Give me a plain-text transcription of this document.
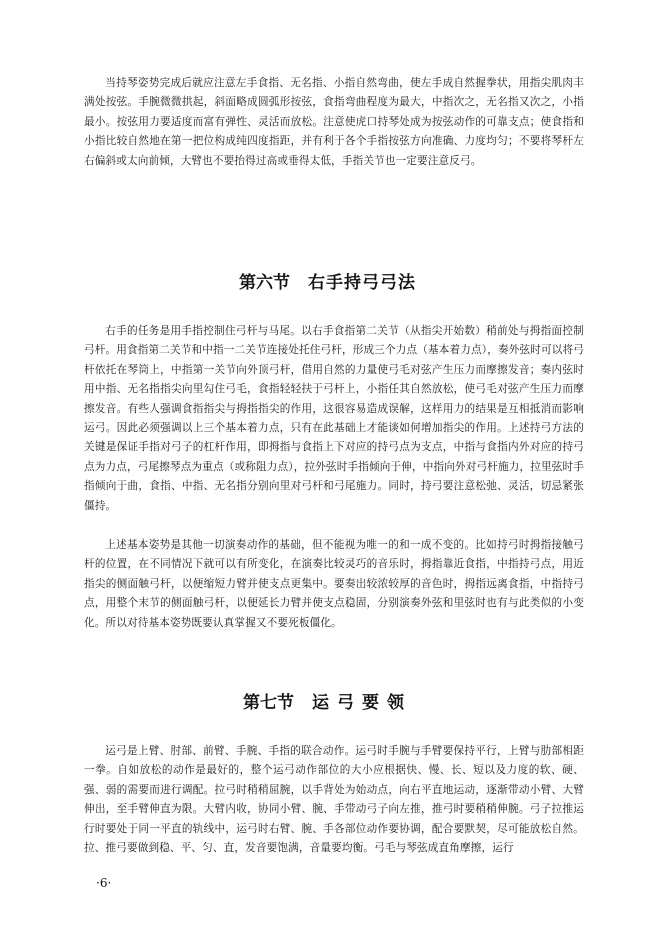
当持琴姿势完成后就应注意左手食指、无名指、小指自然弯曲，使左手成自然握拳状，用指尖肌肉丰满处按弦。手腕微微拱起，斜面略成圆弧形按弦，食指弯曲程度为最大，中指次之，无名指又次之，小指最小。按弦用力要适度而富有弹性、灵活而放松。注意使虎口持琴处成为按弦动作的可靠支点；使食指和小指比较自然地在第一把位构成纯四度指距，并有利于各个手指按弦方向准确、力度均匀；不要将琴杆左右偏斜或太向前倾，大臂也不要抬得过高或垂得太低，手指关节也一定要注意反弓。

第六节 右手持弓弓法

右手的任务是用手指控制住弓杆与马尾。以右手食指第二关节（从指尖开始数）稍前处与拇指面控制弓杆。用食指第二关节和中指一二关节连接处托住弓杆，形成三个力点（基本着力点），奏外弦时可以将弓杆依托在琴筒上，中指第一关节向外顶弓杆，借用自然的力量使弓毛对弦产生压力而摩擦发音；奏内弦时用中指、无名指指尖向里勾住弓毛，食指轻轻扶于弓杆上，小指任其自然放松，使弓毛对弦产生压力而摩擦发音。有些人强调食指指尖与拇指指尖的作用，这很容易造成误解，这样用力的结果是互相抵消而影响运弓。因此必须强调以上三个基本着力点，只有在此基础上才能谈如何增加指尖的作用。上述持弓方法的关键是保证手指对弓子的杠杆作用，即拇指与食指上下对应的持弓点为支点，中指与食指内外对应的持弓点为力点，弓尾擦琴点为重点（或称阻力点），拉外弦时手指倾向于伸，中指向外对弓杆施力，拉里弦时手指倾向于曲，食指、中指、无名指分别向里对弓杆和弓尾施力。同时，持弓要注意松弛、灵活，切忌紧张僵持。

上述基本姿势是其他一切演奏动作的基础，但不能视为唯一的和一成不变的。比如持弓时拇指接触弓杆的位置，在不同情况下就可以有所变化，在演奏比较灵巧的音乐时，拇指靠近食指，中指持弓点，用近指尖的侧面触弓杆，以便缩短力臂并使支点更集中。要奏出较浓较厚的音色时，拇指远离食指，中指持弓点，用整个末节的侧面触弓杆，以便延长力臂并使支点稳固，分别演奏外弦和里弦时也有与此类似的小变化。所以对待基本姿势既要认真掌握又不要死板僵化。

第七节 运弓要领

运弓是上臂、肘部、前臂、手腕、手指的联合动作。运弓时手腕与手臂要保持平行，上臂与肋部相距一拳。自如放松的动作是最好的，整个运弓动作部位的大小应根据快、慢、长、短以及力度的软、硬、强、弱的需要而进行调配。拉弓时稍稍屈腕，以手背处为始动点，向右平直地运动，逐渐带动小臂、大臂伸出，至手臂伸直为限。大臂内收，协同小臂、腕、手带动弓子向左推，推弓时要稍稍伸腕。弓子拉推运行时要处于同一平直的轨线中，运弓时右臂、腕、手各部位动作要协调，配合要默契，尽可能放松自然。拉、推弓要做到稳、平、匀、直，发音要饱满，音量要均衡。弓毛与琴弦成直角摩擦，运行

·6·
